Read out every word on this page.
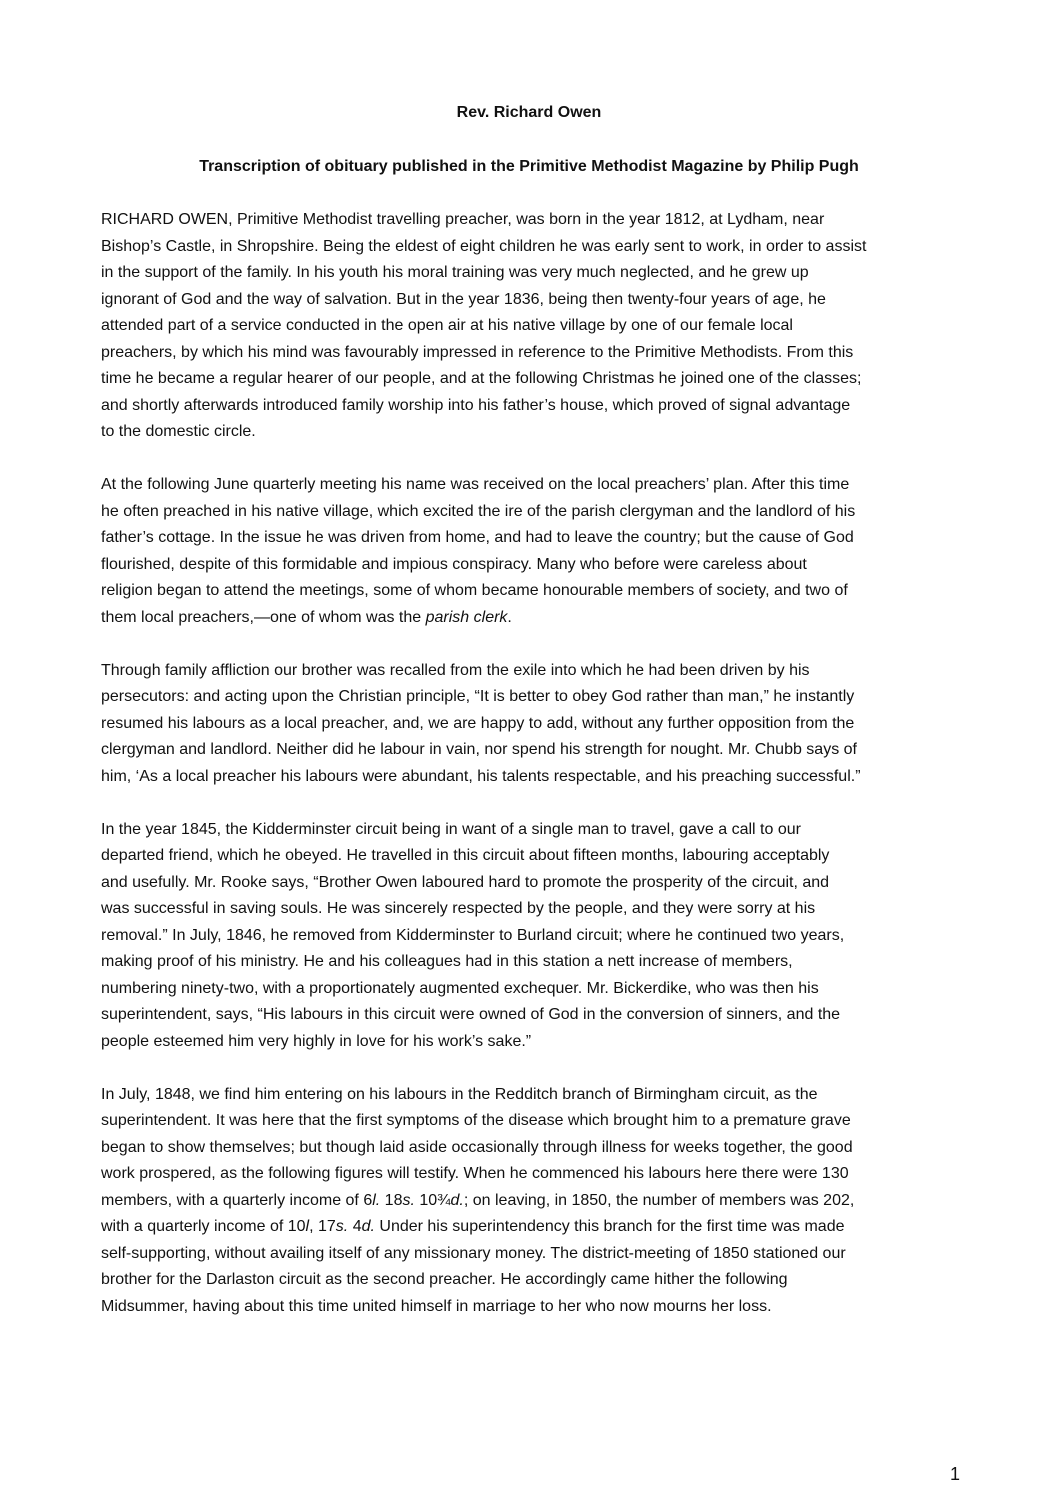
Rev. Richard Owen
Transcription of obituary published in the Primitive Methodist Magazine by Philip Pugh

RICHARD OWEN, Primitive Methodist travelling preacher, was born in the year 1812, at Lydham, near
Bishop’s Castle, in Shropshire. Being the eldest of eight children he was early sent to work, in order to assist
in the support of the family. In his youth his moral training was very much neglected, and he grew up
ignorant of God and the way of salvation. But in the year 1836, being then twenty-four years of age, he
attended part of a service conducted in the open air at his native village by one of our female local
preachers, by which his mind was favourably impressed in reference to the Primitive Methodists. From this
time he became a regular hearer of our people, and at the following Christmas he joined one of the classes;
and shortly afterwards introduced family worship into his father’s house, which proved of signal advantage
to the domestic circle.

At the following June quarterly meeting his name was received on the local preachers’ plan. After this time
he often preached in his native village, which excited the ire of the parish clergyman and the landlord of his
father’s cottage. In the issue he was driven from home, and had to leave the country; but the cause of God
flourished, despite of this formidable and impious conspiracy. Many who before were careless about
religion began to attend the meetings, some of whom became honourable members of society, and two of
them local preachers,—one of whom was the parish clerk.

Through family affliction our brother was recalled from the exile into which he had been driven by his
persecutors: and acting upon the Christian principle, “It is better to obey God rather than man,” he instantly
resumed his labours as a local preacher, and, we are happy to add, without any further opposition from the
clergyman and landlord. Neither did he labour in vain, nor spend his strength for nought. Mr. Chubb says of
him, ‘As a local preacher his labours were abundant, his talents respectable, and his preaching successful.”

In the year 1845, the Kidderminster circuit being in want of a single man to travel, gave a call to our
departed friend, which he obeyed. He travelled in this circuit about fifteen months, labouring acceptably
and usefully. Mr. Rooke says, “Brother Owen laboured hard to promote the prosperity of the circuit, and
was successful in saving souls. He was sincerely respected by the people, and they were sorry at his
removal.” In July, 1846, he removed from Kidderminster to Burland circuit; where he continued two years,
making proof of his ministry. He and his colleagues had in this station a nett increase of members,
numbering ninety-two, with a proportionately augmented exchequer. Mr. Bickerdike, who was then his
superintendent, says, “His labours in this circuit were owned of God in the conversion of sinners, and the
people esteemed him very highly in love for his work’s sake.”

In July, 1848, we find him entering on his labours in the Redditch branch of Birmingham circuit, as the
superintendent. It was here that the first symptoms of the disease which brought him to a premature grave
began to show themselves; but though laid aside occasionally through illness for weeks together, the good
work prospered, as the following figures will testify. When he commenced his labours here there were 130
members, with a quarterly income of 6l. 18s. 10¾d.; on leaving, in 1850, the number of members was 202,
with a quarterly income of 10l, 17s. 4d. Under his superintendency this branch for the first time was made
self-supporting, without availing itself of any missionary money. The district-meeting of 1850 stationed our
brother for the Darlaston circuit as the second preacher. He accordingly came hither the following
Midsummer, having about this time united himself in marriage to her who now mourns her loss.

1
